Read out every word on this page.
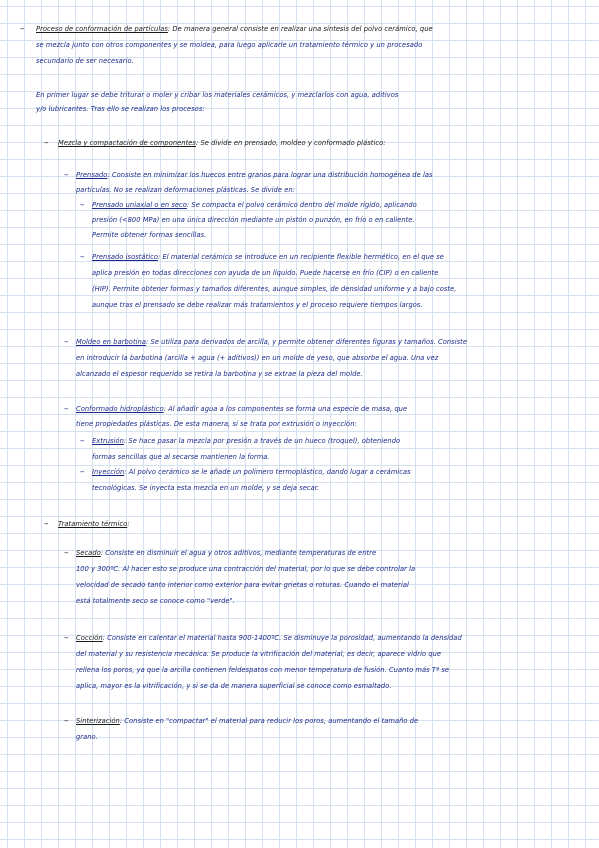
– Proceso de conformación de partículas: De manera general consiste en realizar una síntesis del polvo cerámico, que
se mezcla junto con otros componentes y se moldea, para luego aplicarle un tratamiento térmico y un procesado
secundario de ser necesario.
En primer lugar se debe triturar o moler y cribar los materiales cerámicos, y mezclarlos con agua, aditivos
y/o lubricantes. Tras ello se realizan los procesos:
– Mezcla y compactación de componentes: Se divide en prensado, moldeo y conformado plástico:
– Prensado: Consiste en minimizar los huecos entre granos para lograr una distribución homogénea de las
partículas. No se realizan deformaciones plásticas. Se divide en:
– Prensado uniaxial o en seco: Se compacta el polvo cerámico dentro del molde rígido, aplicando
presión (<800 MPa) en una única dirección mediante un pistón o punzón, en frío o en caliente.
Permite obtener formas sencillas.
– Prensado isostático: El material cerámico se introduce en un recipiente flexible hermético, en el que se
aplica presión en todas direcciones con ayuda de un líquido. Puede hacerse en frío (CIP) o en caliente
(HIP). Permite obtener formas y tamaños diferentes, aunque simples, de densidad uniforme y a bajo coste,
aunque tras el prensado se debe realizar más tratamientos y el proceso requiere tiempos largos.
– Moldeo en barbotina: Se utiliza para derivados de arcilla, y permite obtener diferentes figuras y tamaños. Consiste
en introducir la barbotina (arcilla + agua (+ aditivos)) en un molde de yeso, que absorbe el agua. Una vez
alcanzado el espesor requerido se retira la barbotina y se extrae la pieza del molde.
– Conformado hidroplástico: Al añadir agua a los componentes se forma una especie de masa, que
tiene propiedades plásticas. De esta manera, si se trata por extrusión o inyección:
– Extrusión: Se hace pasar la mezcla por presión a través de un hueco (troquel), obteniendo
formas sencillas que al secarse mantienen la forma.
– Inyección: Al polvo cerámico se le añade un polímero termoplástico, dando lugar a cerámicas
tecnológicas. Se inyecta esta mezcla en un molde, y se deja secar.
– Tratamiento térmico:
– Secado: Consiste en disminuir el agua y otros aditivos, mediante temperaturas de entre
100 y 300ºC. Al hacer esto se produce una contracción del material, por lo que se debe controlar la
velocidad de secado tanto interior como exterior para evitar grietas o roturas. Cuando el material
está totalmente seco se conoce como "verde".
– Cocción: Consiste en calentar el material hasta 900-1400ºC. Se disminuye la porosidad, aumentando la densidad
del material y su resistencia mecánica. Se produce la vitrificación del material, es decir, aparece vidrio que
rellena los poros, ya que la arcilla contienen feldespatos con menor temperatura de fusión. Cuanto más Tª se
aplica, mayor es la vitrificación, y si se da de manera superficial se conoce como esmaltado.
– Sinterización: Consiste en "compactar" el material para reducir los poros, aumentando el tamaño de
grano.
